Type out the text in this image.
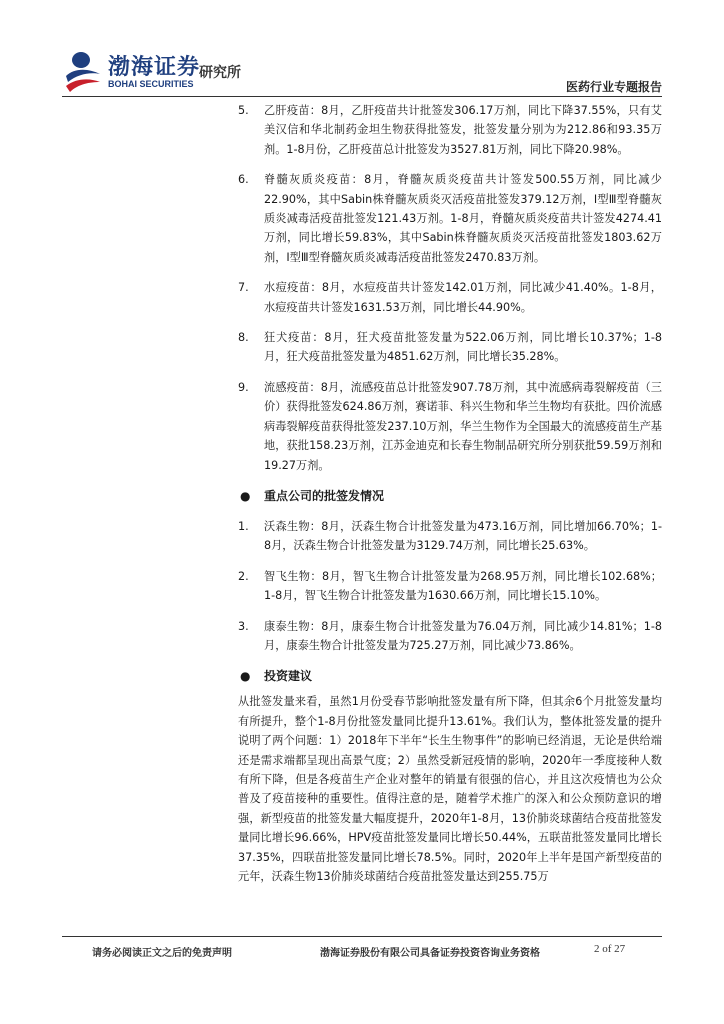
渤海证券
BOHAI SECURITIES
研究所
医药行业专题报告
5. 乙肝疫苗：8月，乙肝疫苗共计批签发306.17万剂，同比下降37.55%，只有艾美汉信和华北制药金坦生物获得批签发，批签发量分别为为212.86和93.35万剂。1-8月份，乙肝疫苗总计批签发为3527.81万剂，同比下降20.98%。
6. 脊髓灰质炎疫苗：8月，脊髓灰质炎疫苗共计签发500.55万剂，同比减少22.90%，其中Sabin株脊髓灰质炎灭活疫苗批签发379.12万剂，Ⅰ型Ⅲ型脊髓灰质炎减毒活疫苗批签发121.43万剂。1-8月，脊髓灰质炎疫苗共计签发4274.41万剂，同比增长59.83%，其中Sabin株脊髓灰质炎灭活疫苗批签发1803.62万剂，Ⅰ型Ⅲ型脊髓灰质炎减毒活疫苗批签发2470.83万剂。
7. 水痘疫苗：8月，水痘疫苗共计签发142.01万剂，同比减少41.40%。1-8月，水痘疫苗共计签发1631.53万剂，同比增长44.90%。
8. 狂犬疫苗：8月，狂犬疫苗批签发量为522.06万剂，同比增长10.37%；1-8月，狂犬疫苗批签发量为4851.62万剂，同比增长35.28%。
9. 流感疫苗：8月，流感疫苗总计批签发907.78万剂，其中流感病毒裂解疫苗（三价）获得批签发624.86万剂，赛诺菲、科兴生物和华兰生物均有获批。四价流感病毒裂解疫苗获得批签发237.10万剂，华兰生物作为全国最大的流感疫苗生产基地，获批158.23万剂，江苏金迪克和长春生物制品研究所分别获批59.59万剂和19.27万剂。
● 重点公司的批签发情况
1. 沃森生物：8月，沃森生物合计批签发量为473.16万剂，同比增加66.70%；1-8月，沃森生物合计批签发量为3129.74万剂，同比增长25.63%。
2. 智飞生物：8月，智飞生物合计批签发量为268.95万剂，同比增长102.68%；1-8月，智飞生物合计批签发量为1630.66万剂，同比增长15.10%。
3. 康泰生物：8月，康泰生物合计批签发量为76.04万剂，同比减少14.81%；1-8月，康泰生物合计批签发量为725.27万剂，同比减少73.86%。
● 投资建议
从批签发量来看，虽然1月份受春节影响批签发量有所下降，但其余6个月批签发量均有所提升，整个1-8月份批签发量同比提升13.61%。我们认为，整体批签发量的提升说明了两个问题：1）2018年下半年“长生生物事件”的影响已经消退，无论是供给端还是需求端都呈现出高景气度；2）虽然受新冠疫情的影响，2020年一季度接种人数有所下降，但是各疫苗生产企业对整年的销量有很强的信心，并且这次疫情也为公众普及了疫苗接种的重要性。值得注意的是，随着学术推广的深入和公众预防意识的增强，新型疫苗的批签发量大幅度提升，2020年1-8月，13价肺炎球菌结合疫苗批签发量同比增长96.66%，HPV疫苗批签发量同比增长50.44%，五联苗批签发量同比增长37.35%，四联苗批签发量同比增长78.5%。同时，2020年上半年是国产新型疫苗的元年，沃森生物13价肺炎球菌结合疫苗批签发量达到255.75万
请务必阅读正文之后的免责声明	渤海证券股份有限公司具备证券投资咨询业务资格	2 of 27
